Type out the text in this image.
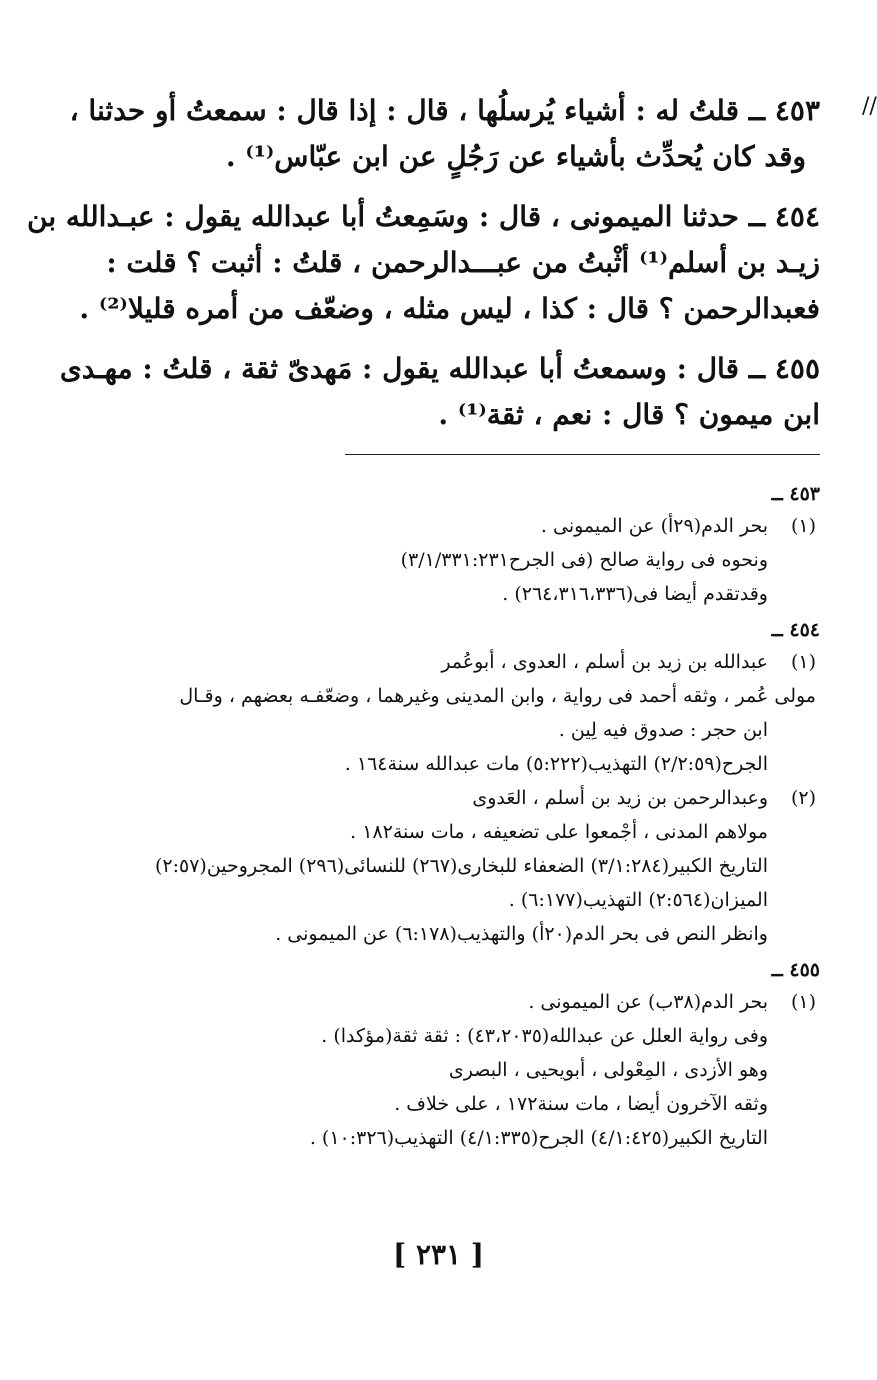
//
٤٥٣ ــ قلتُ له : أشياء يُرسلُها ، قال : إذا قال : سمعتُ أو حدثنا ،
وقد كان يُحدِّث بأشياء عن رَجُلٍ عن ابن عبّاس⁽¹⁾ .
٤٥٤ ــ حدثنا الميمونى ، قال : وسَمِعتُ أبا عبدالله يقول : عبـدالله بن
زيـد بن أسلم⁽¹⁾ أثْبتُ من عبـــدالرحمن ، قلتُ : أثبت ؟ قلت :
فعبدالرحمن ؟ قال : كذا ، ليس مثله ، وضعّف من أمره قليلا⁽²⁾ .
٤٥٥ ــ قال : وسمعتُ أبا عبدالله يقول : مَهدىّ ثقة ، قلتُ : مهـدى
ابن ميمون ؟ قال : نعم ، ثقة⁽¹⁾ .
٤٥٣ ــ
(١)
بحر الدم(٢٩أ) عن الميمونى .
ونحوه فى رواية صالح (فى الجرح٣/١/٣٣١:٢٣١)
وقدتقدم أيضا فى(٢٦٤،٣١٦،٣٣٦) .
٤٥٤ ــ
(١)
عبدالله بن زيد بن أسلم ، العدوى ، أبوعُمر
مولى عُمر ، وثقه أحمد فى رواية ، وابن المدينى وغيرهما ، وضعّفـه بعضهم ، وقـال
ابن حجر : صدوق فيه لِين .
الجرح(٢/٢:٥٩) التهذيب(٥:٢٢٢) مات عبدالله سنة١٦٤ .
(٢)
وعبدالرحمن بن زيد بن أسلم ، العَدوى
مولاهم المدنى ، أجْمعوا على تضعيفه ، مات سنة١٨٢ .
التاريخ الكبير(٣/١:٢٨٤) الضعفاء للبخارى(٢٦٧) للنسائى(٢٩٦) المجروحين(٢:٥٧)
الميزان(٢:٥٦٤) التهذيب(٦:١٧٧) .
وانظر النص فى بحر الدم(٢٠أ) والتهذيب(٦:١٧٨) عن الميمونى .
٤٥٥ ــ
(١)
بحر الدم(٣٨ب) عن الميمونى .
وفى رواية العلل عن عبدالله(٤٣،٢٠٣٥) : ثقة ثقة(مؤكدا) .
وهو الأزدى ، المِعْولى ، أبويحيى ، البصرى
وثقه الآخرون أيضا ، مات سنة١٧٢ ، على خلاف .
التاريخ الكبير(٤/١:٤٢٥) الجرح(٤/١:٣٣٥) التهذيب(١٠:٣٢٦) .
[ ٢٣١ ]
